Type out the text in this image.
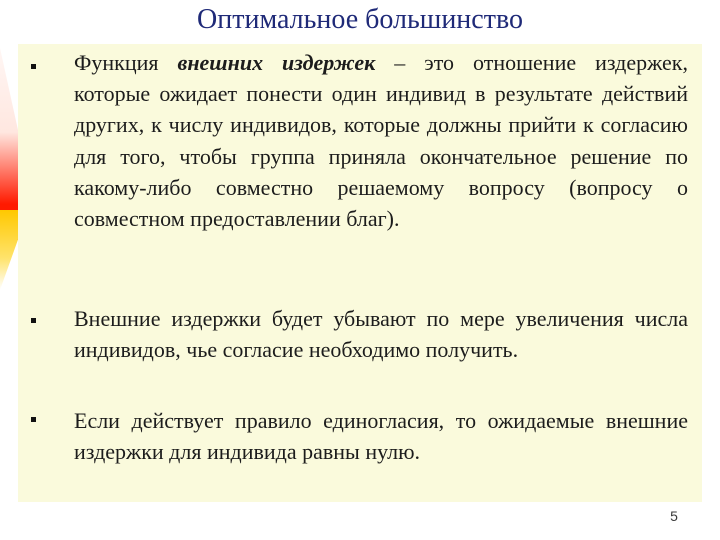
Оптимальное большинство
Функция внешних издержек – это отношение издержек, которые ожидает понести один индивид в результате действий других, к числу индивидов, которые должны прийти к согласию для того, чтобы группа приняла окончательное решение по какому-либо совместно решаемому вопросу (вопросу о совместном предоставлении благ).
Внешние издержки будет убывают по мере увеличения числа индивидов, чье согласие необходимо получить.
Если действует правило единогласия, то ожидаемые внешние издержки для индивида равны нулю.
5
